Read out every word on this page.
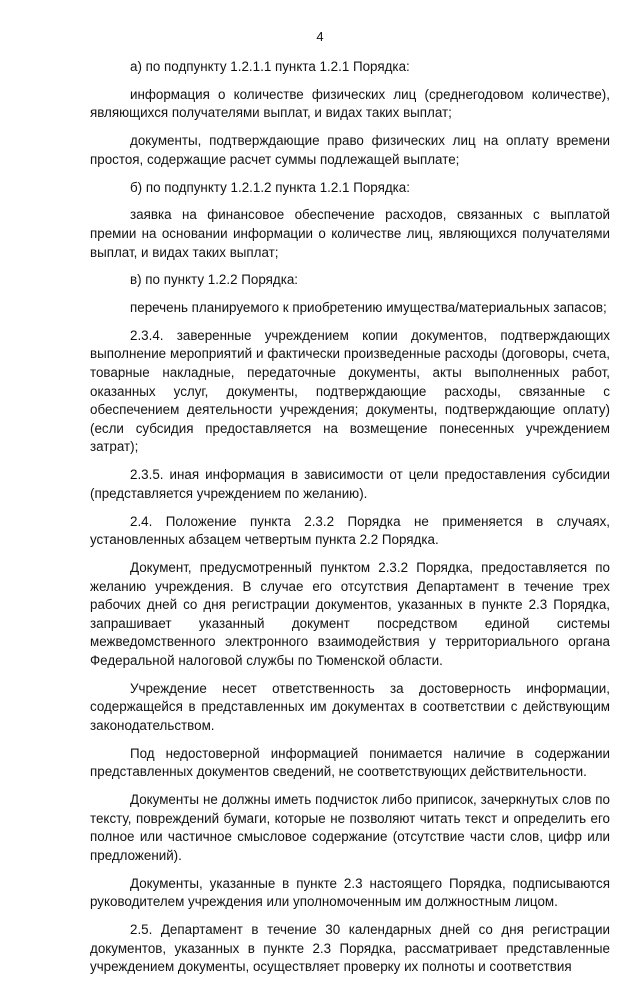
4

а) по подпункту 1.2.1.1 пункта 1.2.1 Порядка:

информация о количестве физических лиц (среднегодовом количестве), являющихся получателями выплат, и видах таких выплат;

документы, подтверждающие право физических лиц на оплату времени простоя, содержащие расчет суммы подлежащей выплате;

б) по подпункту 1.2.1.2 пункта 1.2.1 Порядка:

заявка на финансовое обеспечение расходов, связанных с выплатой премии на основании информации о количестве лиц, являющихся получателями выплат, и видах таких выплат;

в) по пункту 1.2.2 Порядка:

перечень планируемого к приобретению имущества/материальных запасов;

2.3.4. заверенные учреждением копии документов, подтверждающих выполнение мероприятий и фактически произведенные расходы (договоры, счета, товарные накладные, передаточные документы, акты выполненных работ, оказанных услуг, документы, подтверждающие расходы, связанные с обеспечением деятельности учреждения; документы, подтверждающие оплату) (если субсидия предоставляется на возмещение понесенных учреждением затрат);

2.3.5. иная информация в зависимости от цели предоставления субсидии (представляется учреждением по желанию).

2.4. Положение пункта 2.3.2 Порядка не применяется в случаях, установленных абзацем четвертым пункта 2.2 Порядка.

Документ, предусмотренный пунктом 2.3.2 Порядка, предоставляется по желанию учреждения. В случае его отсутствия Департамент в течение трех рабочих дней со дня регистрации документов, указанных в пункте 2.3 Порядка, запрашивает указанный документ посредством единой системы межведомственного электронного взаимодействия у территориального органа Федеральной налоговой службы по Тюменской области.

Учреждение несет ответственность за достоверность информации, содержащейся в представленных им документах в соответствии с действующим законодательством.

Под недостоверной информацией понимается наличие в содержании представленных документов сведений, не соответствующих действительности.

Документы не должны иметь подчисток либо приписок, зачеркнутых слов по тексту, повреждений бумаги, которые не позволяют читать текст и определить его полное или частичное смысловое содержание (отсутствие части слов, цифр или предложений).

Документы, указанные в пункте 2.3 настоящего Порядка, подписываются руководителем учреждения или уполномоченным им должностным лицом.

2.5. Департамент в течение 30 календарных дней со дня регистрации документов, указанных в пункте 2.3 Порядка, рассматривает представленные учреждением документы, осуществляет проверку их полноты и соответствия
